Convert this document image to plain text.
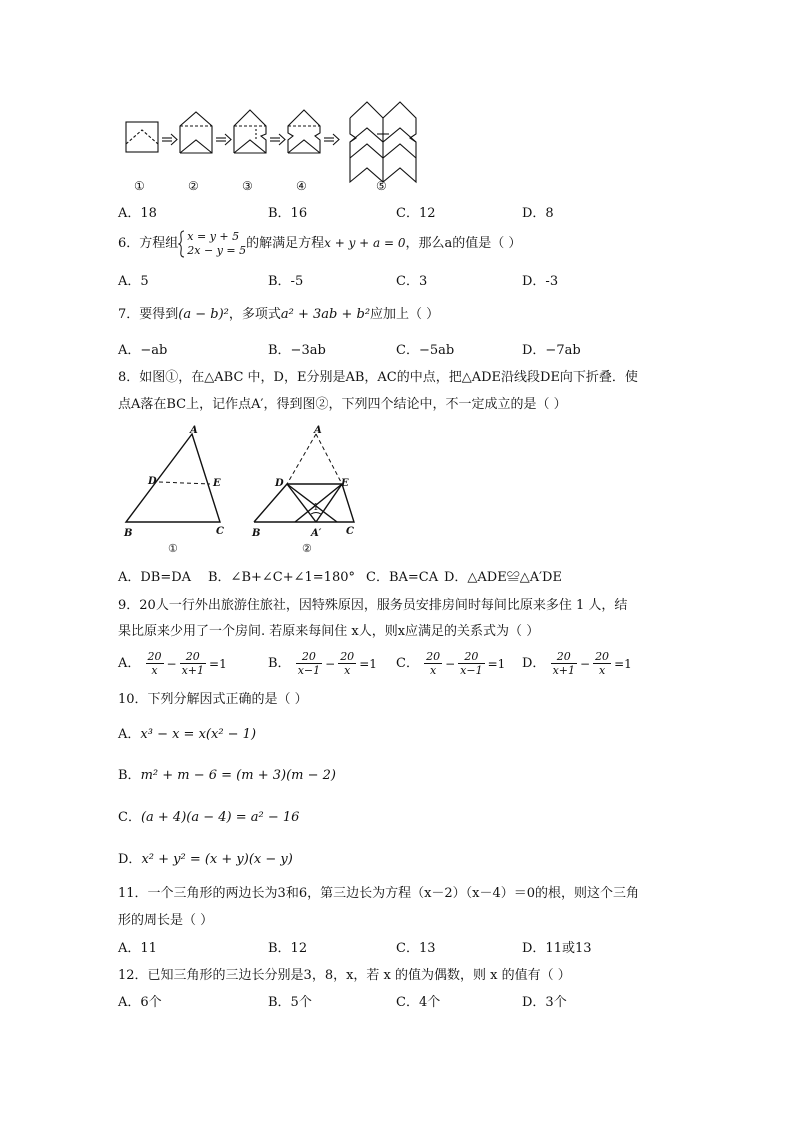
①	②	③	④	⑤
A．18	B．16	C．12	D．8
6．方程组 x = y + 5
2x − y = 5 的解满足方程x + y + a = 0，那么a的值是（ ）
A．5	B．-5	C．3	D．-3
7．要得到(a − b)²，多项式a² + 3ab + b²应加上（ ）
A．−ab	B．−3ab	C．−5ab	D．−7ab
8．如图①，在△ABC 中，D，E分别是AB，AC的中点，把△ADE沿线段DE向下折叠．使
点A落在BC上，记作点A′，得到图②，下列四个结论中，不一定成立的是（ ）
A
B	C
D	E
①
A
B	C
D	E
A′
1
②
A．DB=DA B．∠B+∠C+∠1=180° C．BA=CA D．△ADE≌△A′DE
9．20人一行外出旅游住旅社，因特殊原因，服务员安排房间时每间比原来多住 1 人，结
果比原来少用了一个房间. 若原来每间住 x人，则x应满足的关系式为（ ）
A． $\frac{20}{x} - \frac{20}{x+1} =1$	B． $\frac{20}{x-1} - \frac{20}{x} =1$ C． $\frac{20}{x} - \frac{20}{x-1} =1$ D． $\frac{20}{x+1} - \frac{20}{x} =1$
10．下列分解因式正确的是（ ）
A．x³ − x = x(x² − 1)
B．m² + m − 6 = (m + 3)(m − 2)
C．(a + 4)(a − 4) = a² − 16
D．x² + y² = (x + y)(x − y)
11．一个三角形的两边长为3和6，第三边长为方程（x－2）（x－4）＝0的根，则这个三角
形的周长是（ ）
A．11	B．12	C．13	D．11或13
12．已知三角形的三边长分别是3，8，x，若 x 的值为偶数，则 x 的值有（ ）
A．6个	B．5个	C．4个	D．3个
